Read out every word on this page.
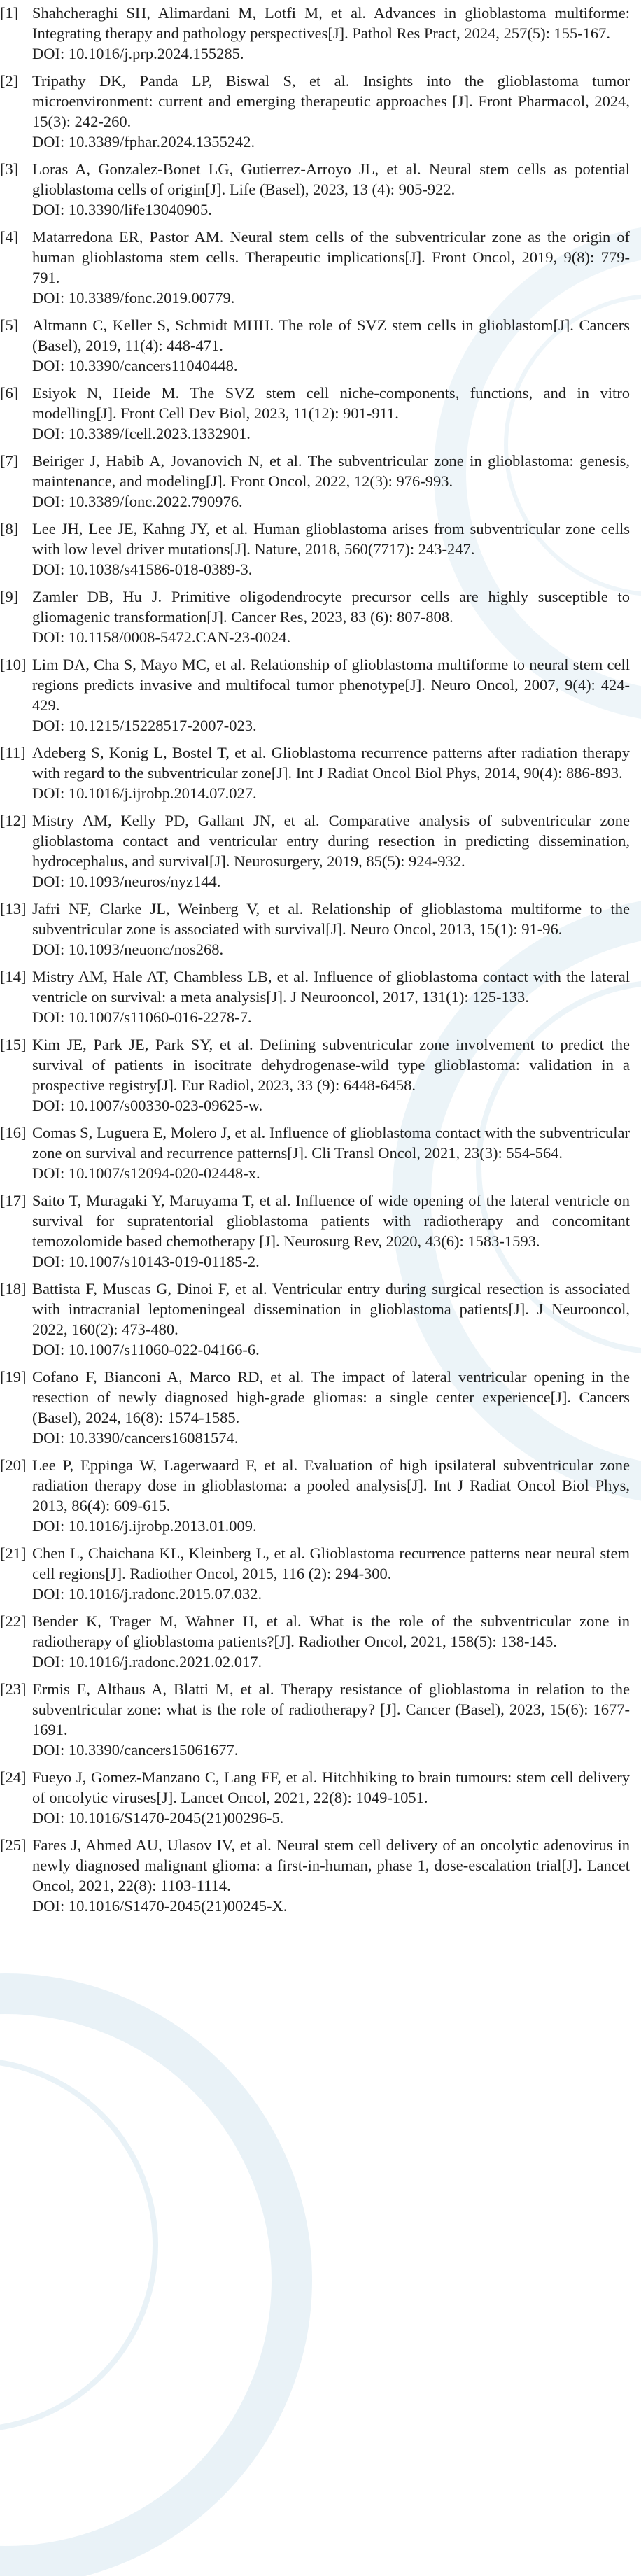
[1] Shahcheraghi SH, Alimardani M, Lotfi M, et al. Advances in glioblastoma multiforme: Integrating therapy and pathology perspectives[J]. Pathol Res Pract, 2024, 257(5): 155-167.
DOI: 10.1016/j.prp.2024.155285.
[2] Tripathy DK, Panda LP, Biswal S, et al. Insights into the glioblastoma tumor microenvironment: current and emerging therapeutic approaches [J]. Front Pharmacol, 2024, 15(3): 242-260.
DOI: 10.3389/fphar.2024.1355242.
[3] Loras A, Gonzalez-Bonet LG, Gutierrez-Arroyo JL, et al. Neural stem cells as potential glioblastoma cells of origin[J]. Life (Basel), 2023, 13 (4): 905-922.
DOI: 10.3390/life13040905.
[4] Matarredona ER, Pastor AM. Neural stem cells of the subventricular zone as the origin of human glioblastoma stem cells. Therapeutic implications[J]. Front Oncol, 2019, 9(8): 779-791.
DOI: 10.3389/fonc.2019.00779.
[5] Altmann C, Keller S, Schmidt MHH. The role of SVZ stem cells in glioblastom[J]. Cancers (Basel), 2019, 11(4): 448-471.
DOI: 10.3390/cancers11040448.
[6] Esiyok N, Heide M. The SVZ stem cell niche-components, functions, and in vitro modelling[J]. Front Cell Dev Biol, 2023, 11(12): 901-911.
DOI: 10.3389/fcell.2023.1332901.
[7] Beiriger J, Habib A, Jovanovich N, et al. The subventricular zone in glioblastoma: genesis, maintenance, and modeling[J]. Front Oncol, 2022, 12(3): 976-993.
DOI: 10.3389/fonc.2022.790976.
[8] Lee JH, Lee JE, Kahng JY, et al. Human glioblastoma arises from subventricular zone cells with low level driver mutations[J]. Nature, 2018, 560(7717): 243-247.
DOI: 10.1038/s41586-018-0389-3.
[9] Zamler DB, Hu J. Primitive oligodendrocyte precursor cells are highly susceptible to gliomagenic transformation[J]. Cancer Res, 2023, 83 (6): 807-808.
DOI: 10.1158/0008-5472.CAN-23-0024.
[10] Lim DA, Cha S, Mayo MC, et al. Relationship of glioblastoma multiforme to neural stem cell regions predicts invasive and multifocal tumor phenotype[J]. Neuro Oncol, 2007, 9(4): 424-429.
DOI: 10.1215/15228517-2007-023.
[11] Adeberg S, Konig L, Bostel T, et al. Glioblastoma recurrence patterns after radiation therapy with regard to the subventricular zone[J]. Int J Radiat Oncol Biol Phys, 2014, 90(4): 886-893.
DOI: 10.1016/j.ijrobp.2014.07.027.
[12] Mistry AM, Kelly PD, Gallant JN, et al. Comparative analysis of subventricular zone glioblastoma contact and ventricular entry during resection in predicting dissemination, hydrocephalus, and survival[J]. Neurosurgery, 2019, 85(5): 924-932.
DOI: 10.1093/neuros/nyz144.
[13] Jafri NF, Clarke JL, Weinberg V, et al. Relationship of glioblastoma multiforme to the subventricular zone is associated with survival[J]. Neuro Oncol, 2013, 15(1): 91-96.
DOI: 10.1093/neuonc/nos268.
[14] Mistry AM, Hale AT, Chambless LB, et al. Influence of glioblastoma contact with the lateral ventricle on survival: a meta analysis[J]. J Neurooncol, 2017, 131(1): 125-133.
DOI: 10.1007/s11060-016-2278-7.
[15] Kim JE, Park JE, Park SY, et al. Defining subventricular zone involvement to predict the survival of patients in isocitrate dehydrogenase-wild type glioblastoma: validation in a prospective registry[J]. Eur Radiol, 2023, 33 (9): 6448-6458.
DOI: 10.1007/s00330-023-09625-w.
[16] Comas S, Luguera E, Molero J, et al. Influence of glioblastoma contact with the subventricular zone on survival and recurrence patterns[J]. Cli Transl Oncol, 2021, 23(3): 554-564.
DOI: 10.1007/s12094-020-02448-x.
[17] Saito T, Muragaki Y, Maruyama T, et al. Influence of wide opening of the lateral ventricle on survival for supratentorial glioblastoma patients with radiotherapy and concomitant temozolomide based chemotherapy [J]. Neurosurg Rev, 2020, 43(6): 1583-1593.
DOI: 10.1007/s10143-019-01185-2.
[18] Battista F, Muscas G, Dinoi F, et al. Ventricular entry during surgical resection is associated with intracranial leptomeningeal dissemination in glioblastoma patients[J]. J Neurooncol, 2022, 160(2): 473-480.
DOI: 10.1007/s11060-022-04166-6.
[19] Cofano F, Bianconi A, Marco RD, et al. The impact of lateral ventricular opening in the resection of newly diagnosed high-grade gliomas: a single center experience[J]. Cancers (Basel), 2024, 16(8): 1574-1585.
DOI: 10.3390/cancers16081574.
[20] Lee P, Eppinga W, Lagerwaard F, et al. Evaluation of high ipsilateral subventricular zone radiation therapy dose in glioblastoma: a pooled analysis[J]. Int J Radiat Oncol Biol Phys, 2013, 86(4): 609-615.
DOI: 10.1016/j.ijrobp.2013.01.009.
[21] Chen L, Chaichana KL, Kleinberg L, et al. Glioblastoma recurrence patterns near neural stem cell regions[J]. Radiother Oncol, 2015, 116 (2): 294-300.
DOI: 10.1016/j.radonc.2015.07.032.
[22] Bender K, Trager M, Wahner H, et al. What is the role of the subventricular zone in radiotherapy of glioblastoma patients?[J]. Radiother Oncol, 2021, 158(5): 138-145.
DOI: 10.1016/j.radonc.2021.02.017.
[23] Ermis E, Althaus A, Blatti M, et al. Therapy resistance of glioblastoma in relation to the subventricular zone: what is the role of radiotherapy? [J]. Cancer (Basel), 2023, 15(6): 1677-1691.
DOI: 10.3390/cancers15061677.
[24] Fueyo J, Gomez-Manzano C, Lang FF, et al. Hitchhiking to brain tumours: stem cell delivery of oncolytic viruses[J]. Lancet Oncol, 2021, 22(8): 1049-1051.
DOI: 10.1016/S1470-2045(21)00296-5.
[25] Fares J, Ahmed AU, Ulasov IV, et al. Neural stem cell delivery of an oncolytic adenovirus in newly diagnosed malignant glioma: a first-in-human, phase 1, dose-escalation trial[J]. Lancet Oncol, 2021, 22(8): 1103-1114.
DOI: 10.1016/S1470-2045(21)00245-X.
